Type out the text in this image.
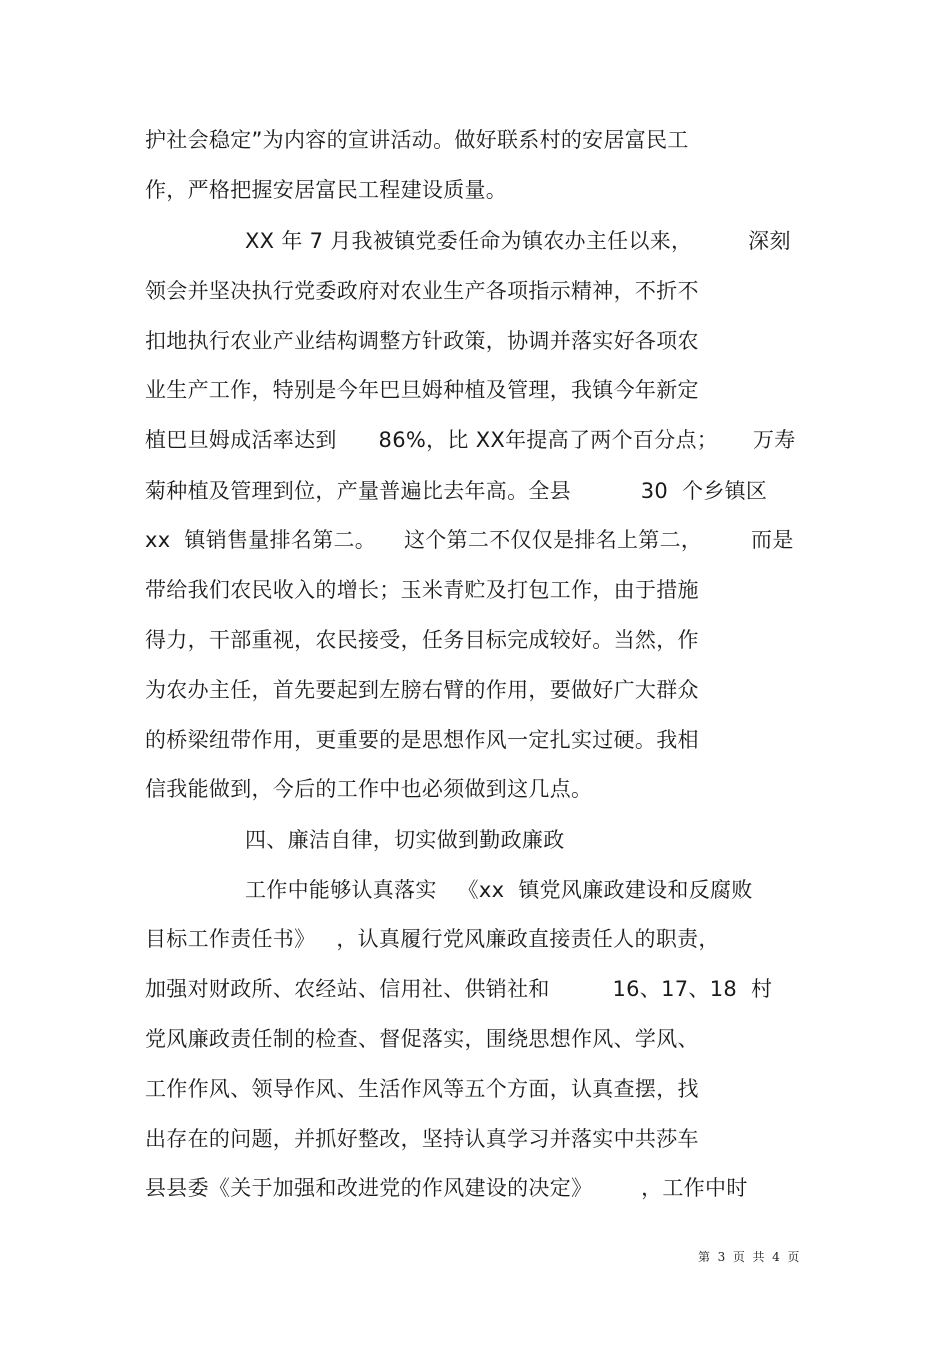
护社会稳定”为内容的宣讲活动。做好联系村的安居富民工
作，严格把握安居富民工程建设质量。
XX 年 7 月我被镇党委任命为镇农办主任以来，        深刻
领会并坚决执行党委政府对农业生产各项指示精神，不折不
扣地执行农业产业结构调整方针政策，协调并落实好各项农
业生产工作，特别是今年巴旦姆种植及管理，我镇今年新定
植巴旦姆成活率达到      86%，比 XX年提高了两个百分点；     万寿
菊种植及管理到位，产量普遍比去年高。全县          30  个乡镇区
xx  镇销售量排名第二。    这个第二不仅仅是排名上第二，       而是
带给我们农民收入的增长；玉米青贮及打包工作，由于措施
得力，干部重视，农民接受，任务目标完成较好。当然，作
为农办主任，首先要起到左膀右臂的作用，要做好广大群众
的桥梁纽带作用，更重要的是思想作风一定扎实过硬。我相
信我能做到，今后的工作中也必须做到这几点。
四、廉洁自律，切实做到勤政廉政
工作中能够认真落实   《xx  镇党风廉政建设和反腐败
目标工作责任书》   ，认真履行党风廉政直接责任人的职责，
加强对财政所、农经站、信用社、供销社和         16、17、18  村
党风廉政责任制的检查、督促落实，围绕思想作风、学风、
工作作风、领导作风、生活作风等五个方面，认真查摆，找
出存在的问题，并抓好整改，坚持认真学习并落实中共莎车
县县委《关于加强和改进党的作风建设的决定》       ，工作中时
第  3  页  共  4  页
